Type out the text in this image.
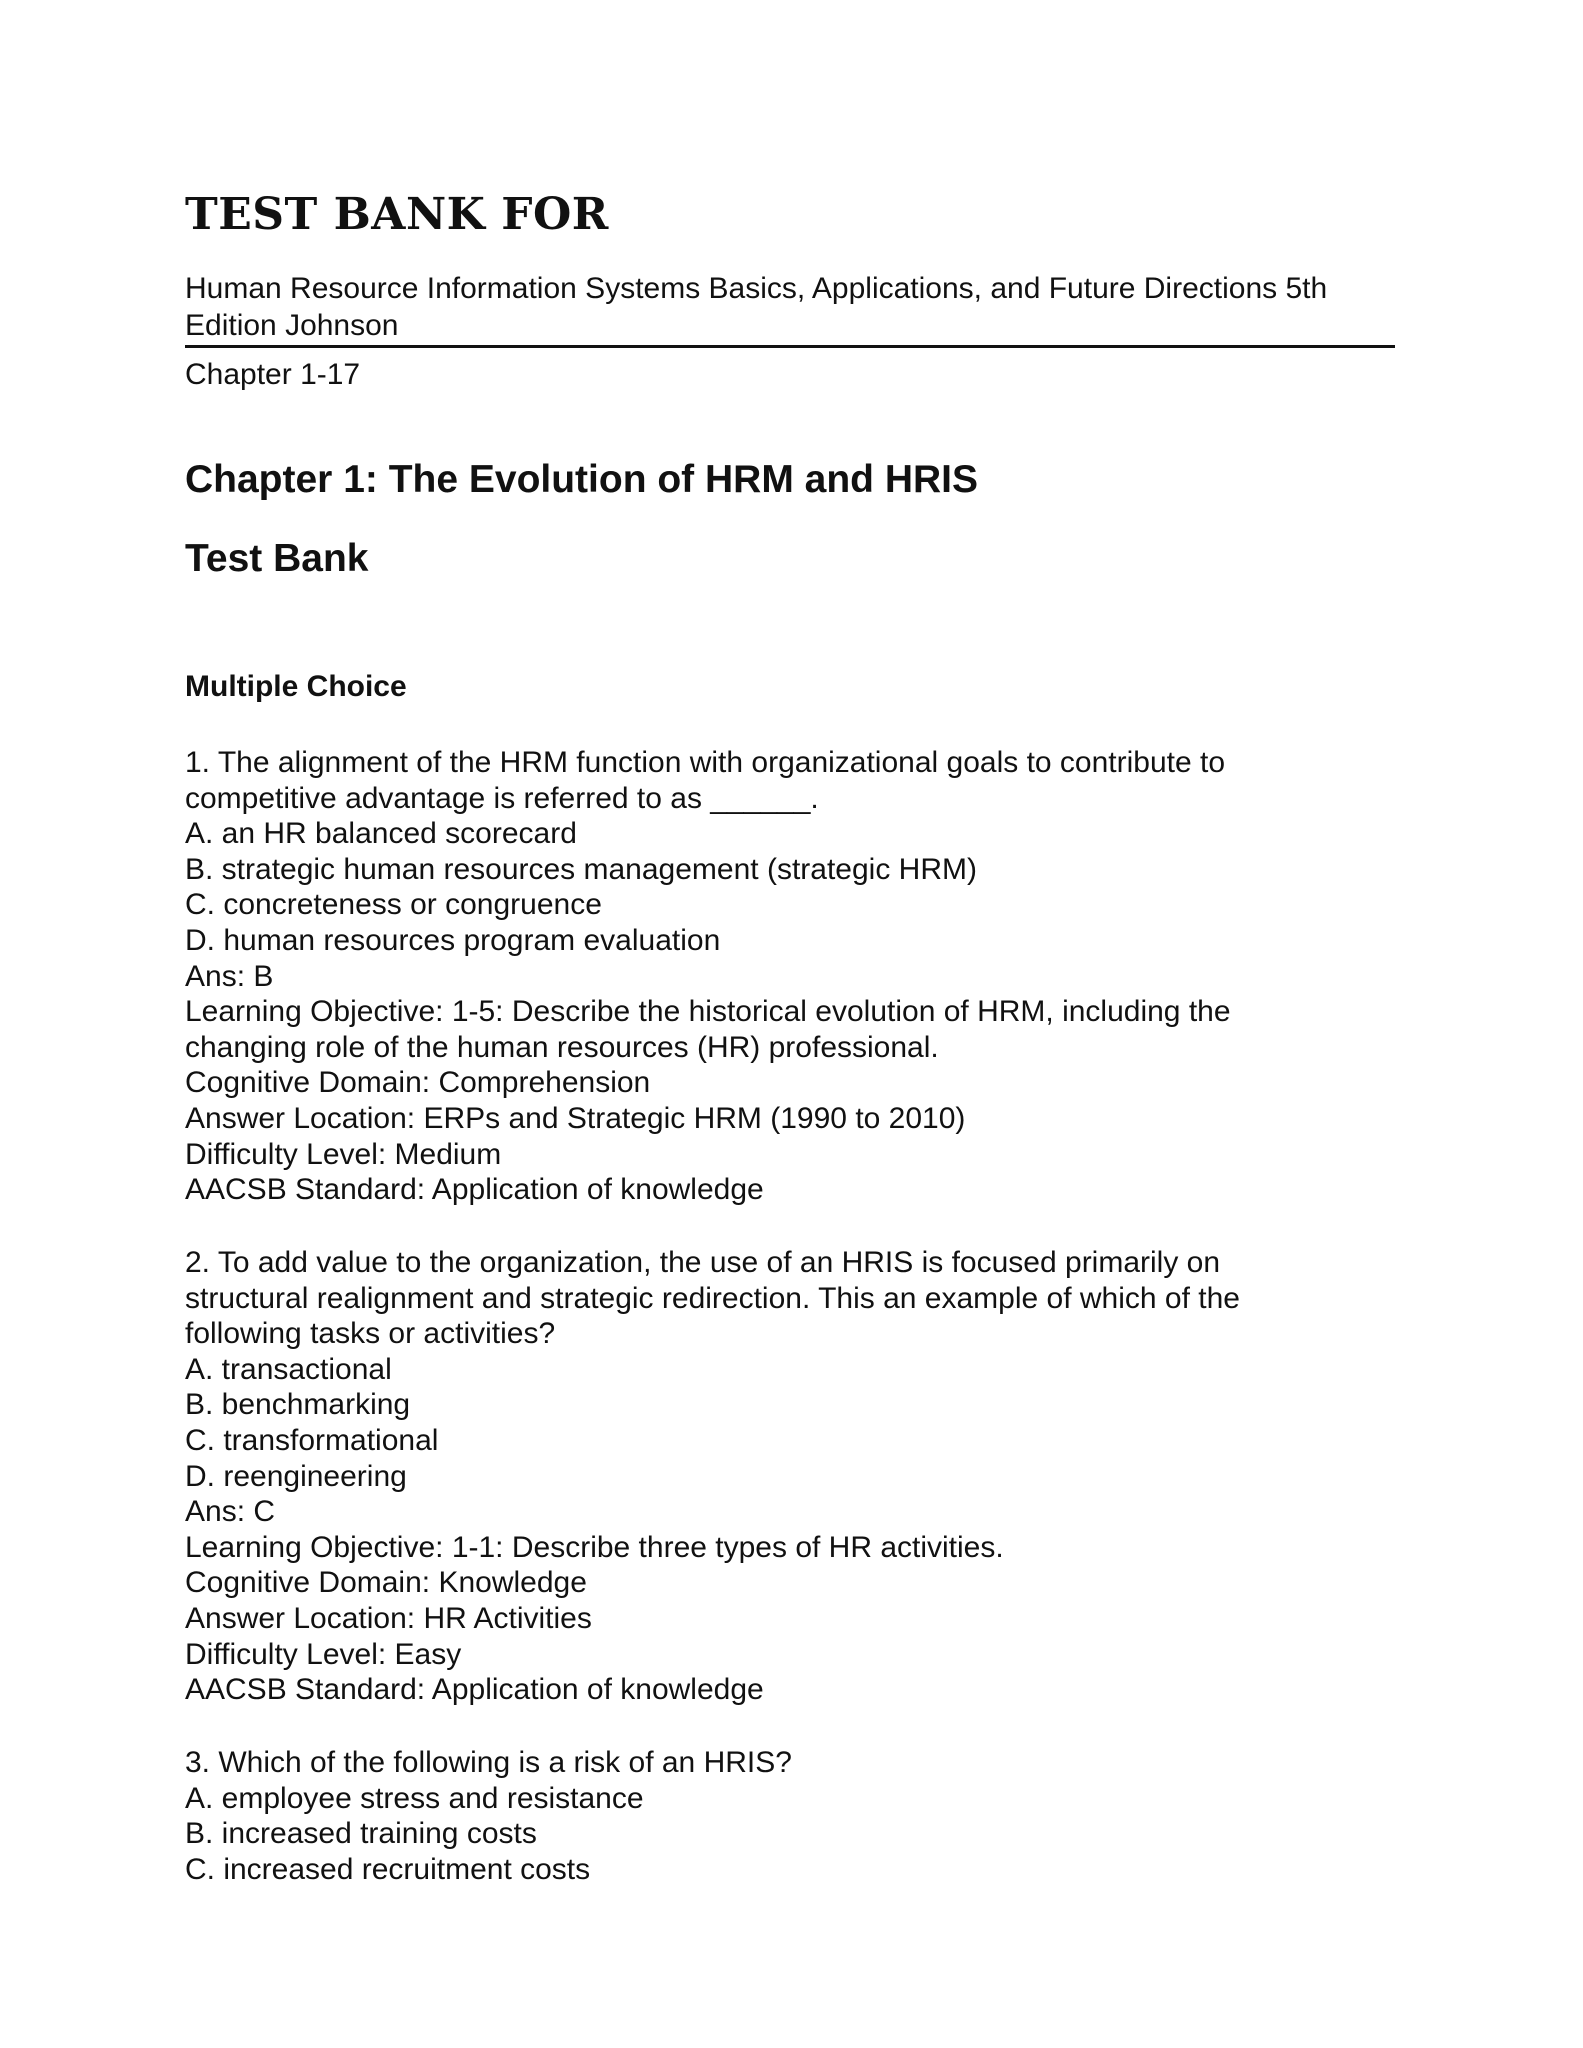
TEST BANK FOR
Human Resource Information Systems Basics, Applications, and Future Directions 5th Edition Johnson
Chapter 1-17
Chapter 1: The Evolution of HRM and HRIS
Test Bank
Multiple Choice
1. The alignment of the HRM function with organizational goals to contribute to
competitive advantage is referred to as ______.
A. an HR balanced scorecard
B. strategic human resources management (strategic HRM)
C. concreteness or congruence
D. human resources program evaluation
Ans: B
Learning Objective: 1-5: Describe the historical evolution of HRM, including the
changing role of the human resources (HR) professional.
Cognitive Domain: Comprehension
Answer Location: ERPs and Strategic HRM (1990 to 2010)
Difficulty Level: Medium
AACSB Standard: Application of knowledge
2. To add value to the organization, the use of an HRIS is focused primarily on
structural realignment and strategic redirection. This an example of which of the
following tasks or activities?
A. transactional
B. benchmarking
C. transformational
D. reengineering
Ans: C
Learning Objective: 1-1: Describe three types of HR activities.
Cognitive Domain: Knowledge
Answer Location: HR Activities
Difficulty Level: Easy
AACSB Standard: Application of knowledge
3. Which of the following is a risk of an HRIS?
A. employee stress and resistance
B. increased training costs
C. increased recruitment costs
